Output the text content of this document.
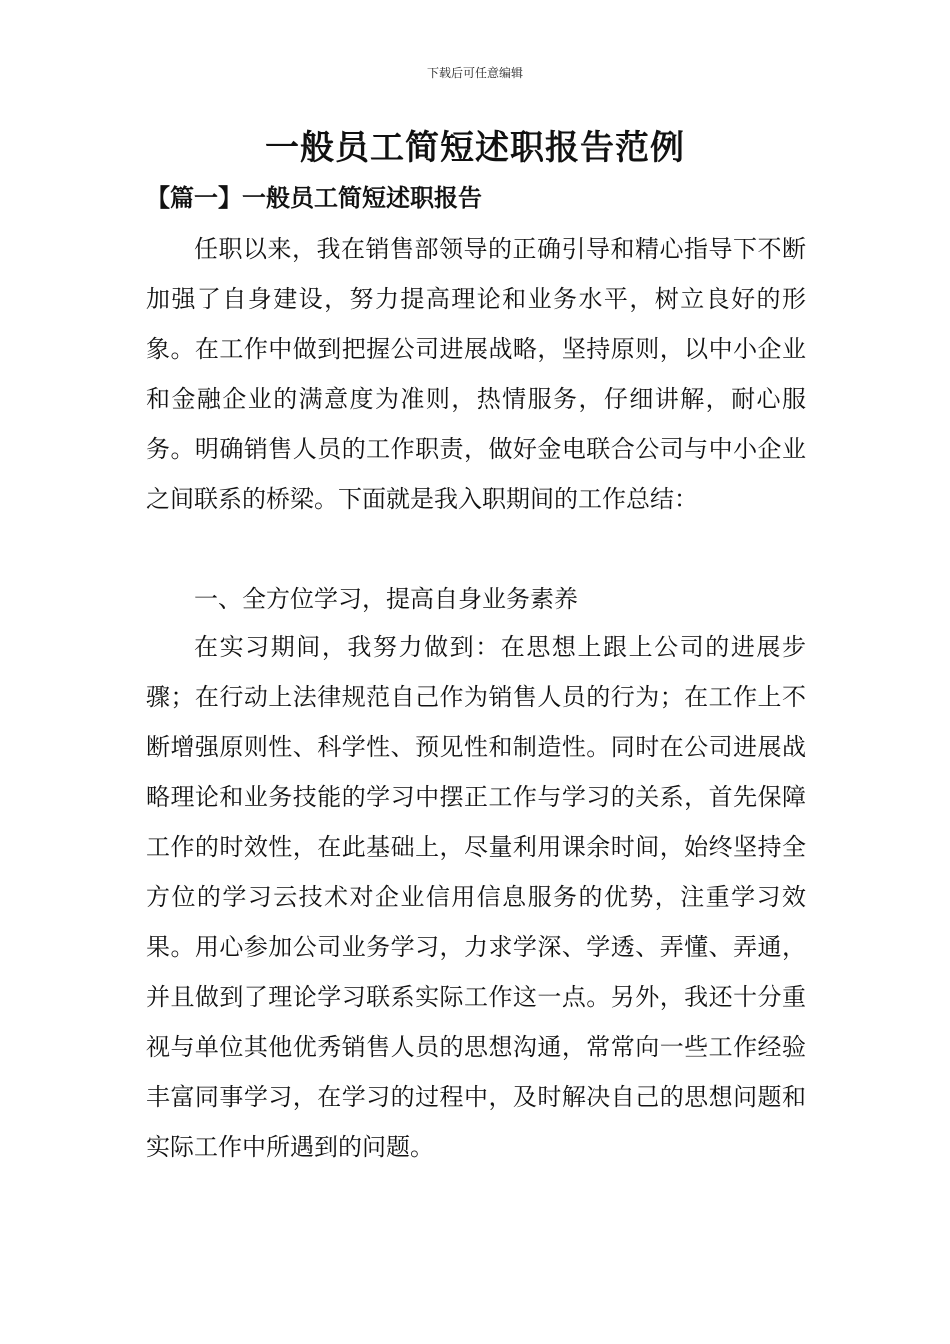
下载后可任意编辑
一般员工简短述职报告范例
【篇一】一般员工简短述职报告

任职以来，我在销售部领导的正确引导和精心指导下不断加强了自身建设，努力提高理论和业务水平，树立良好的形象。在工作中做到把握公司进展战略，坚持原则，以中小企业和金融企业的满意度为准则，热情服务，仔细讲解，耐心服务。明确销售人员的工作职责，做好金电联合公司与中小企业之间联系的桥梁。下面就是我入职期间的工作总结：

一、全方位学习，提高自身业务素养

在实习期间，我努力做到：在思想上跟上公司的进展步骤；在行动上法律规范自己作为销售人员的行为；在工作上不断增强原则性、科学性、预见性和制造性。同时在公司进展战略理论和业务技能的学习中摆正工作与学习的关系，首先保障工作的时效性，在此基础上，尽量利用课余时间，始终坚持全方位的学习云技术对企业信用信息服务的优势，注重学习效果。用心参加公司业务学习，力求学深、学透、弄懂、弄通，并且做到了理论学习联系实际工作这一点。另外，我还十分重视与单位其他优秀销售人员的思想沟通，常常向一些工作经验丰富同事学习，在学习的过程中，及时解决自己的思想问题和实际工作中所遇到的问题。
